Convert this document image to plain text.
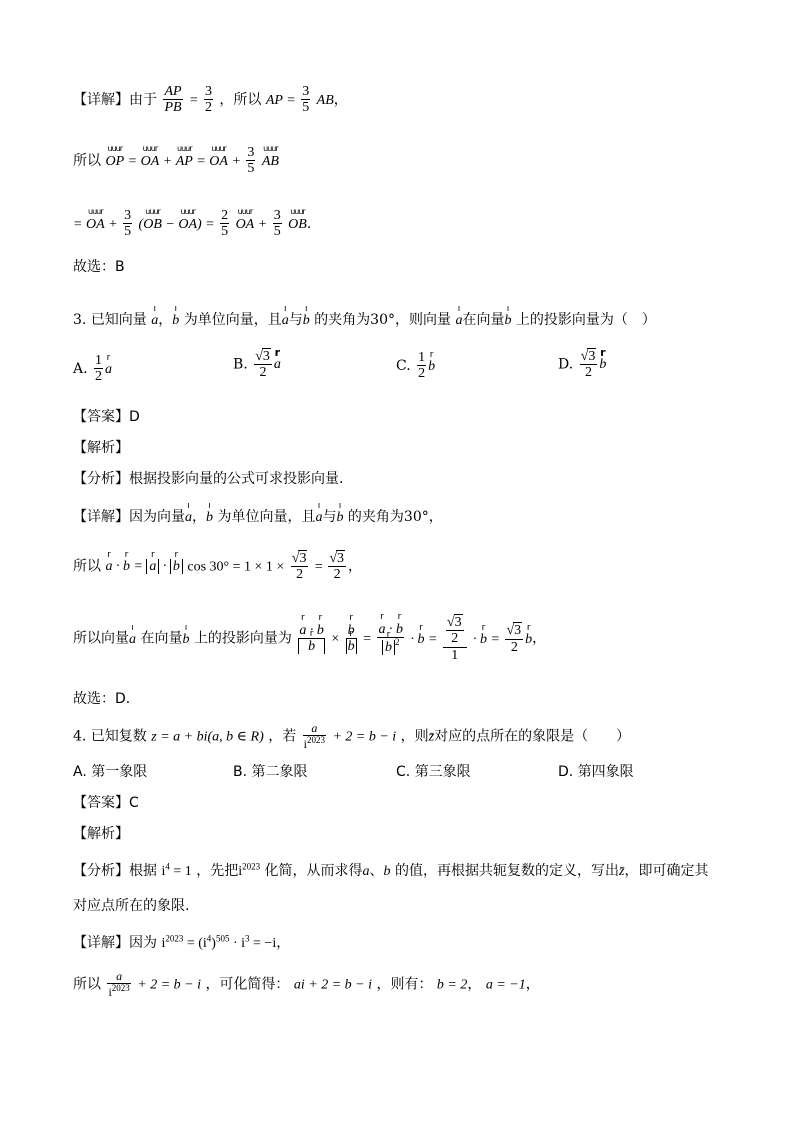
【详解】由于 $\frac{AP}{PB} = \frac{3}{2}$ ，所以 AP = $\frac{3}{5}$ AB，
所以 uuur OP = uuur OA + uuur AP = uuur OA + $\frac{3}{5}$ uuur AB
= uuur OA + $\frac{3}{5}$ (uuur OB − uuur $OA) = \frac{2}{5}$ uuur OA + $\frac{3}{5}$ uuur OB.
故选：B
3. 已知向量 ı a，ı b 为单位向量，且ı a与ı b 的夹角为30°，则向量 ı a在向量ı b 上的投影向量为（　）
A. $\frac{1}{2}$ r a	B. $\frac{√3}{2}$ r a	C. $\frac{1}{2}$ r b	D. $\frac{√3}{2}$ r b
【答案】D
【解析】
【分析】根据投影向量的公式可求投影向量.
【详解】因为向量ı a，ı b 为单位向量，且ı a与ı b 的夹角为30°，
所以 r a · r b = r a · r b $\cos 30^\circ = 1 \times 1 \times \frac{√3}{2} = \frac{√3}{2}$ ，
所以向量ı a 在向量ı b 上的投影向量为 r a · r b
r b × r b
r b = r a · r b
r b $^2$ · r $b = \frac{\frac{√3}{2}}{1} \cdot r$ $b = \frac{√3}{2}$ r b，
故选：D.
4. 已知复数 z = a + bi(a, b ∈ R) ，若 $\frac{a}{i^{2023}} + 2 = b - i$ ，则z̄对应的点所在的象限是（　　）
A. 第一象限	B. 第二象限	C. 第三象限	D. 第四象限
【答案】C
【解析】
【分析】根据 $i^4 = 1$ ，先把$i^{2023}$ 化简，从而求得a、b 的值，再根据共轭复数的定义，写出z̄，即可确定其
对应点所在的象限.
【详解】因为 $i^{2023} = (i^4)^{505} \cdot i^3 = -i$，
所以 $\frac{a}{i^{2023}} + 2 = b - i$ ，可化简得： ai + 2 = b − i ，则有： b = 2， a = −1，
